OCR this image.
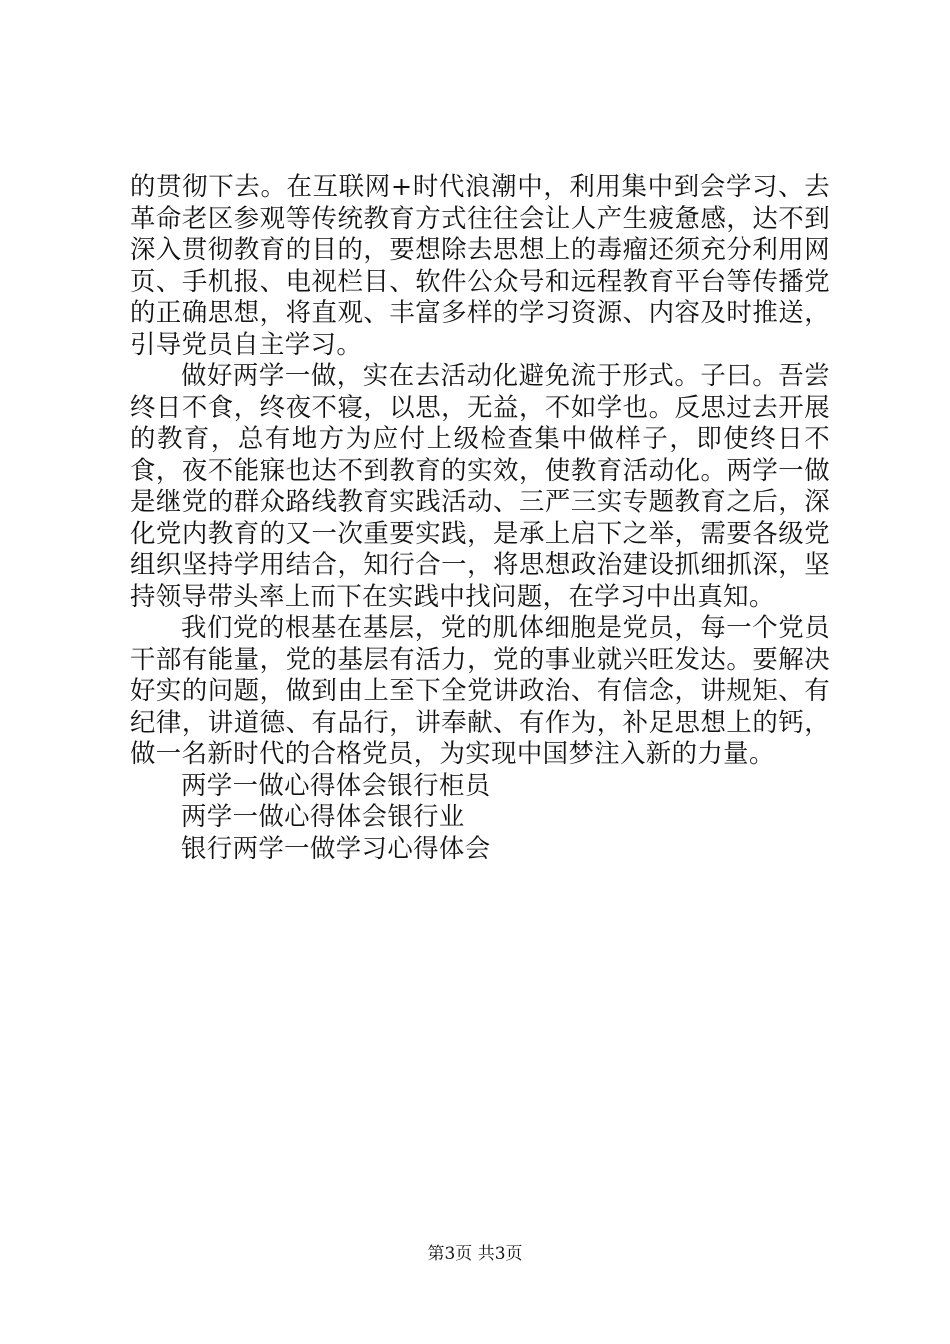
的贯彻下去。在互联网+时代浪潮中，利用集中到会学习、去革命老区参观等传统教育方式往往会让人产生疲惫感，达不到深入贯彻教育的目的，要想除去思想上的毒瘤还须充分利用网页、手机报、电视栏目、软件公众号和远程教育平台等传播党的正确思想，将直观、丰富多样的学习资源、内容及时推送，引导党员自主学习。

做好两学一做，实在去活动化避免流于形式。子曰。吾尝终日不食，终夜不寝，以思，无益，不如学也。反思过去开展的教育，总有地方为应付上级检查集中做样子，即使终日不食，夜不能寐也达不到教育的实效，使教育活动化。两学一做是继党的群众路线教育实践活动、三严三实专题教育之后，深化党内教育的又一次重要实践，是承上启下之举，需要各级党组织坚持学用结合，知行合一，将思想政治建设抓细抓深，坚持领导带头率上而下在实践中找问题，在学习中出真知。

我们党的根基在基层，党的肌体细胞是党员，每一个党员干部有能量，党的基层有活力，党的事业就兴旺发达。要解决好实的问题，做到由上至下全党讲政治、有信念，讲规矩、有纪律，讲道德、有品行，讲奉献、有作为，补足思想上的钙，做一名新时代的合格党员，为实现中国梦注入新的力量。

两学一做心得体会银行柜员
两学一做心得体会银行业
银行两学一做学习心得体会
第3页 共3页
